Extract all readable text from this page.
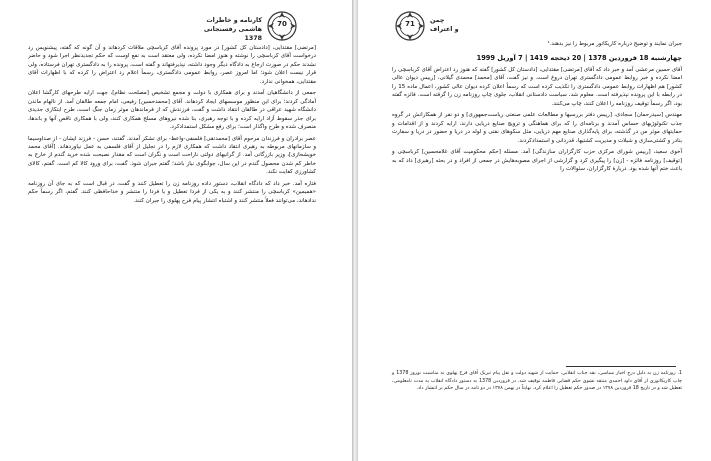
70
کارنامه و خاطرات
هاشمی رفسنجانی 1378

[مرتضی] مقتدایی، [دادستان کل کشور] در مورد پرونده آقای کرباسچی ملاقات کردهاند و آن گونه که گفته، پیشنویس رد درخواست آقای کرباسچی را نوشته و هنوز امضا نکرده، ولی معتقد است به نفع اوست که حکم تجدیدنظر اجرا شود و حاضر نشدند حکم در صورت ارجاع به دادگاه دیگر وجود داشته، نپذیرفتهاند و گفته است، پرونده را به دادگستری تهران فرستاده، ولی قرار نیست اعلان شود؛ اما امروز عصر، روابط عمومی دادگستری، رسماً اعلام رد اعتراض را کرده که با اظهارات آقای مقتدایی، همخوانی ندارد.

جمعی از دانشگاهیان آمدند و برای همکاری با دولت و مجمع تشخیص [مصلحت نظام]، جهت ارایه طرحهای کارگشا اعلان آمادگی کردند؛ برای این منظور موسسهای ایجاد کردهاند. آقای [محمدحسین] رفیعی، امام جمعه طالقان آمد. از نالهام ماندن دانشگاه شهید عراقی در طالقان انتقاد داشت و گفت، فرزندش که از فرماندهان موثر زمان جنگ است، طرح ابتکاری جدیدی برای جذر سقوط آزاد ارایه کرده و با توجه رهبری، بنا شده نیروهای مسلح همکاری کنند، ولی با همکاری ناقص آنها و باندها، منصرف شده و طرح واگذار است؛ برای رفع مشکل استمدادکرد.

عصر برادران و فرزندان مرحوم آقای [محمدتقی] فلسفی-واعظ- برای تشکر آمدند. گفتند، حسن - فرزند ایشان - از صداوسیما و سازمانهای مربوطه به رهبری انتقاد داشت که همکاری لازم را در تجلیل از آقای فلسفی به عمل نیاوردهاند. [آقای محمد خویشحازی]، وزیر بازرگانی آمد. از گرانیهای دولتی ناراحت است و نگران است که مقدار نصیحت شده خرید گندم از خارج به خاطر کم شدن محصول گندم در این سال، جوابگوی نیاز باشد؛ گفتم جبران شود. گفت، برای ورود کالا کم است. گفتم، کالای کشاورزی کفایت نکند.

فتاره آمد. خبر داد که دادگاه انقلاب، دستور داده روزنامه زن را تعطیل کنند و گفت، در قبال است که به جای آن روزنامه «همیمین» کرباسچی را منتشر کنند و به یکی از فردا تعطیل و یا فردا را منتشر و خداحافظی کنند. گفتم، اگر رسماً حکم ندادهاند، می‌توانند فعلاً منتشر کنند و اشتباه انتشار پیام فرح پهلوی را جبران کنند.

71	چمن
و اعتراف
جبران نمایند و توضیح درباره کاریکاتور مربوط را نیز بدهند.¹
چهارشنبه 18 فروردین 1378 | 20 ذیحجه 1419 | 7 آوریل 1999

آقای حسین مرعشی آمد و خبر داد که آقای [مرتضی] مقتدایی، [دادستان کل کشور] گفته که هنوز رد اعتراض آقای کرباسچی را امضا نکرده و خبر روابط عمومی دادگستری تهران دروغ است. و نیز گفت، آقای [محمد] محمدی گیلانی، [رییس دیوان عالی کشور] هم اظهارات روابط عمومی دادگستری را تکذیب کرده است که رسماً اعلان کرده دیوان عالی کشور، اعمال ماده 15 را در رابطه با این پرونده نپذیرفته است. معلوم شد، سیاست دادستانی انقلاب، جلوی چاپ روزنامه زن را گرفته است. فائزه گفته بود، اگر رسماً توقیف روزنامه را اعلان کنند، چاپ می‌کنند.

مهندس [سیدرحمان] سجادی، [رییس دفتر بررسیها و مطالعات علمی صنعتی ریاست‌جمهوری] و دو نفر از همکارانش در گروه جذب تکنولوژیهای حساس آمدند و برنامه‌ای را که برای هماهنگی و ترویج صنایع دریایی دارند، ارایه کردند و از اقدامات و حمایتهای موثر من در گذشته، برای پایه‌گذاری صنایع مهم دریایی، مثل سکوهای نفتی و لوله در دریا و حضور در دریا و سفارت بنادر و کشتی‌سازی و شیلات و مدیریت کشتیها، قدردانی و استمدادکردند.

آخوی سعید، [رییس شورای مرکزی حزب کارگزاران سازندگی] آمد. مسئله [حکم محکومیت آقای غلامحسین] کرباسچی و [توقیف] روزنامه فائزه - [زن] را پیگیری کرد و گزارشی از اجرای مصوبه‌هایش در جمعی از افراد و در بحثه [رهبری] داد که به باعث ختم آنها شده بود. دربارهٔ کارگزاران، سئوالات را

1. روزنامه زن به دلیل درج اخبار سیاسی، نقد جناب انقلابی، حمایت از شهید دولت و نقل پیام تبریک آقای فرح پهلوی به مناسبت نوروز 1378 و چاپ کاریکاتوری از آقای داود احمدی منتقد نشوی حکم قضایی فاطمه توقیف شد. در فروردین 1378 به دستور دادگاه انقلاب به مدت نامعلومی، تعطیل شد و در تاریخ 18 فروردین ۱۳۷۸ در صدور حکم تعطیل را اعلام کرد. نهایتاً در بهمن ۱۳۷۸ در دو نامه در سال حکم بر انتشار داد.
